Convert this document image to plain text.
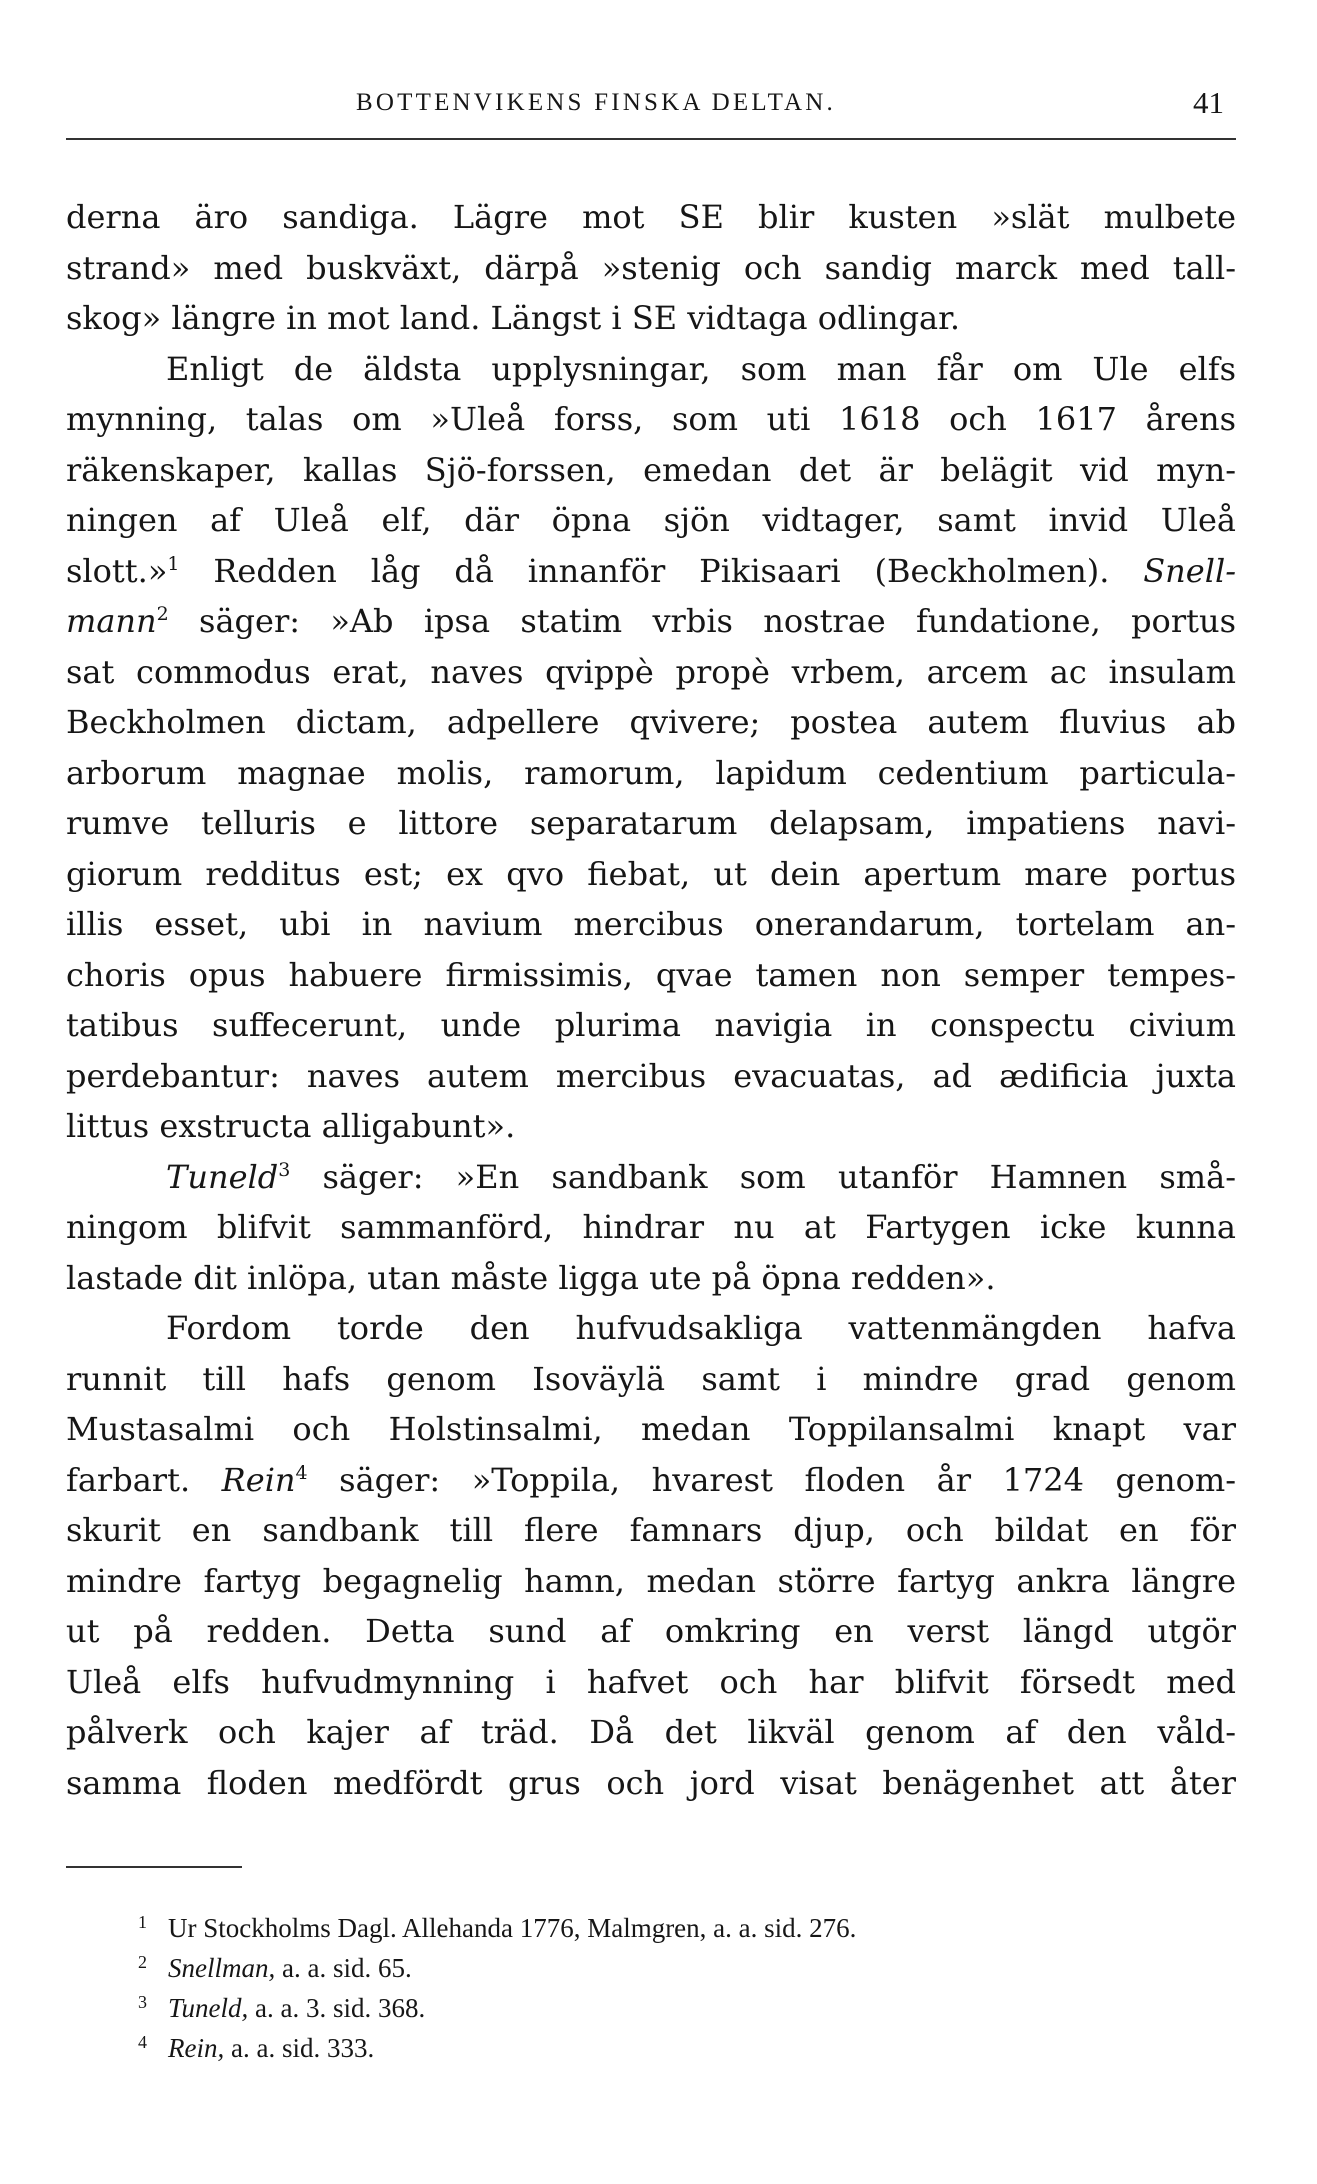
BOTTENVIKENS FINSKA DELTAN.	41
derna äro sandiga. Lägre mot SE blir kusten »slät mulbete
strand» med buskväxt, därpå »stenig och sandig marck med tall-
skog» längre in mot land. Längst i SE vidtaga odlingar.
Enligt de äldsta upplysningar, som man får om Ule elfs
mynning, talas om »Uleå forss, som uti 1618 och 1617 årens
räkenskaper, kallas Sjö-forssen, emedan det är belägit vid myn-
ningen af Uleå elf, där öpna sjön vidtager, samt invid Uleå
slott.»$^1$ Redden låg då innanför Pikisaari (Beckholmen). Snell-
mann$^2$ säger: »Ab ipsa statim vrbis nostrae fundatione, portus
sat commodus erat, naves qvippè propè vrbem, arcem ac insulam
Beckholmen dictam, adpellere qvivere; postea autem fluvius ab
arborum magnae molis, ramorum, lapidum cedentium particula-
rumve telluris e littore separatarum delapsam, impatiens navi-
giorum redditus est; ex qvo fiebat, ut dein apertum mare portus
illis esset, ubi in navium mercibus onerandarum, tortelam an-
choris opus habuere firmissimis, qvae tamen non semper tempes-
tatibus suffecerunt, unde plurima navigia in conspectu civium
perdebantur: naves autem mercibus evacuatas, ad ædificia juxta
littus exstructa alligabunt».
Tuneld$^3$ säger: »En sandbank som utanför Hamnen små-
ningom blifvit sammanförd, hindrar nu at Fartygen icke kunna
lastade dit inlöpa, utan måste ligga ute på öpna redden».
Fordom torde den hufvudsakliga vattenmängden hafva
runnit till hafs genom Isoväylä samt i mindre grad genom
Mustasalmi och Holstinsalmi, medan Toppilansalmi knapt var
farbart. Rein$^4$ säger: »Toppila, hvarest floden år 1724 genom-
skurit en sandbank till flere famnars djup, och bildat en för
mindre fartyg begagnelig hamn, medan större fartyg ankra längre
ut på redden. Detta sund af omkring en verst längd utgör
Uleå elfs hufvudmynning i hafvet och har blifvit försedt med
pålverk och kajer af träd. Då det likväl genom af den våld-
samma floden medfördt grus och jord visat benägenhet att åter
1 Ur Stockholms Dagl. Allehanda 1776, Malmgren, a. a. sid. 276.
2 Snellman, a. a. sid. 65.
3 Tuneld, a. a. 3. sid. 368.
4 Rein, a. a. sid. 333.
